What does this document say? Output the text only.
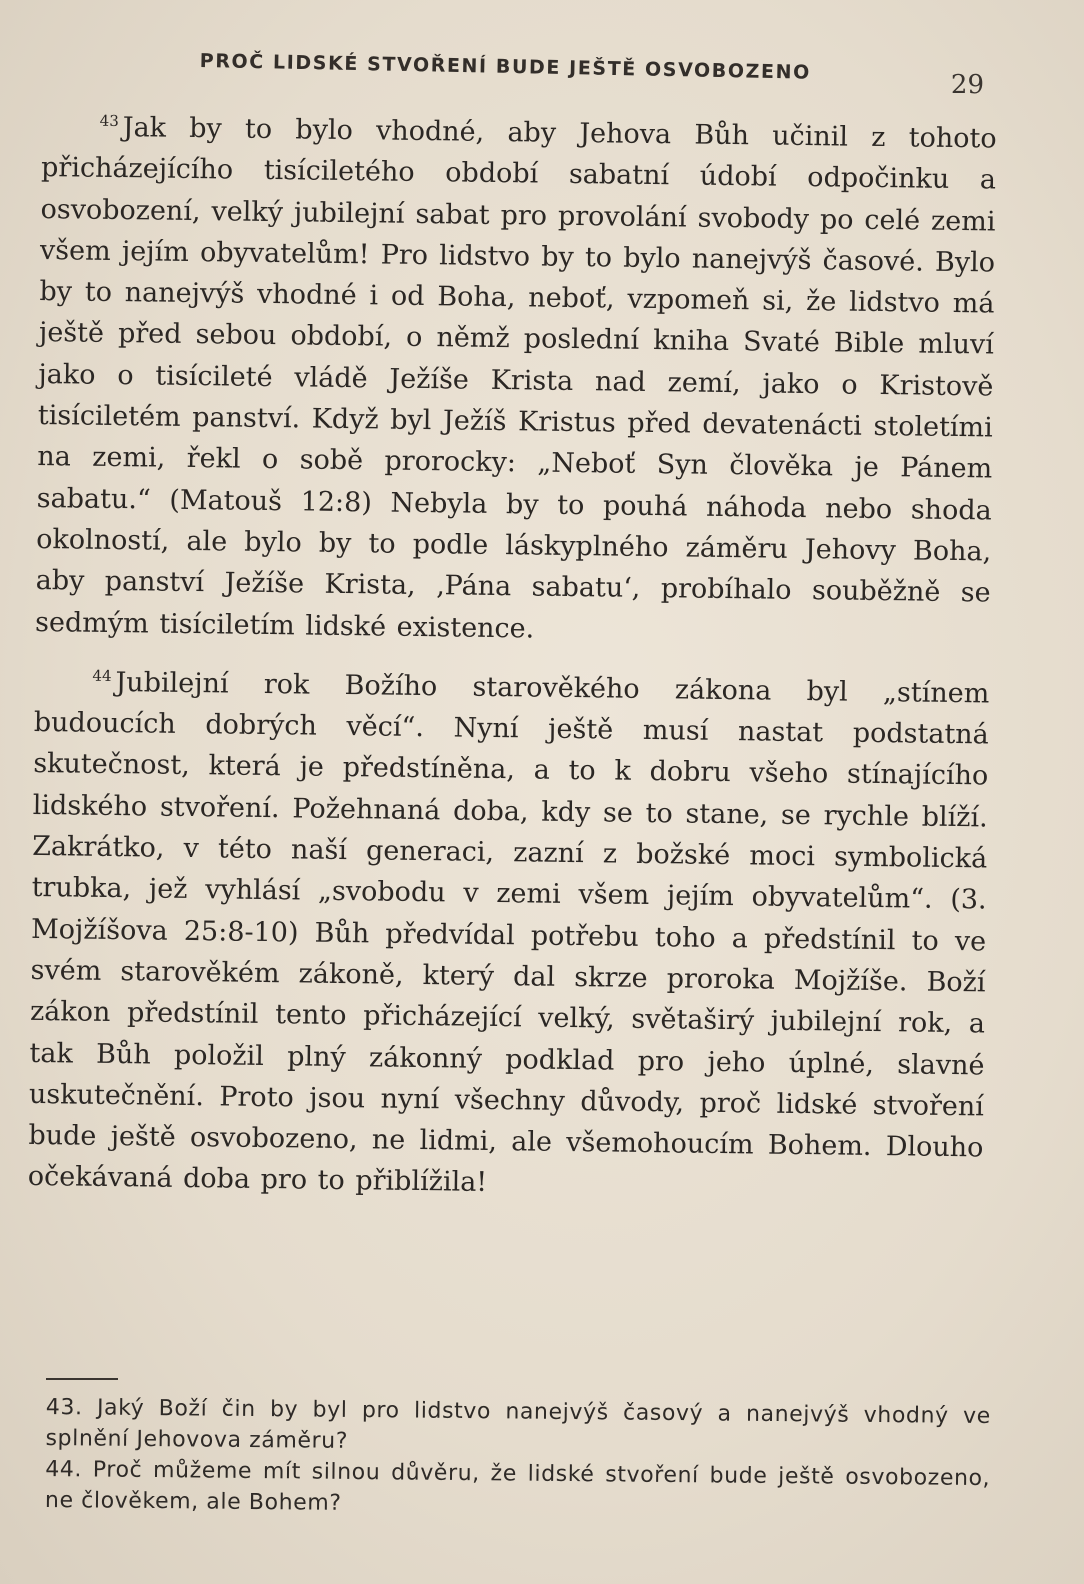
PROČ LIDSKÉ STVOŘENÍ BUDE JEŠTĚ OSVOBOZENO
29

$^{43}$ Jak by to bylo vhodné, aby Jehova Bůh učinil z tohoto přicházejícího tisíciletého období sabatní údobí odpočinku a osvobození, velký jubilejní sabat pro provolání svobody po celé zemi všem jejím obyvatelům! Pro lidstvo by to bylo nanejvýš časové. Bylo by to nanejvýš vhodné i od Boha, neboť, vzpomeň si, že lidstvo má ještě před sebou období, o němž poslední kniha Svaté Bible mluví jako o tisícileté vládě Ježíše Krista nad zemí, jako o Kristově tisíciletém panství. Když byl Ježíš Kristus před devatenácti stoletími na zemi, řekl o sobě prorocky: „Neboť Syn člověka je Pánem sabatu.“ (Matouš 12:8) Nebyla by to pouhá náhoda nebo shoda okolností, ale bylo by to podle láskyplného záměru Jehovy Boha, aby panství Ježíše Krista, ‚Pána sabatu‘, probíhalo souběžně se sedmým tisíciletím lidské existence.

$^{44}$ Jubilejní rok Božího starověkého zákona byl „stínem budoucích dobrých věcí“. Nyní ještě musí nastat podstatná skutečnost, která je předstíněna, a to k dobru všeho stínajícího lidského stvoření. Požehnaná doba, kdy se to stane, se rychle blíží. Zakrátko, v této naší generaci, zazní z božské moci symbolická trubka, jež vyhlásí „svobodu v zemi všem jejím obyvatelům“. (3. Mojžíšova 25:8-10) Bůh předvídal potřebu toho a předstínil to ve svém starověkém zákoně, který dal skrze proroka Mojžíše. Boží zákon předstínil tento přicházející velký, světaširý jubilejní rok, a tak Bůh položil plný zákonný podklad pro jeho úplné, slavné uskutečnění. Proto jsou nyní všechny důvody, proč lidské stvoření bude ještě osvobozeno, ne lidmi, ale všemohoucím Bohem. Dlouho očekávaná doba pro to přiblížila!

43. Jaký Boží čin by byl pro lidstvo nanejvýš časový a nanejvýš vhodný ve splnění Jehovova záměru?

44. Proč můžeme mít silnou důvěru, že lidské stvoření bude ještě osvobozeno, ne člověkem, ale Bohem?
